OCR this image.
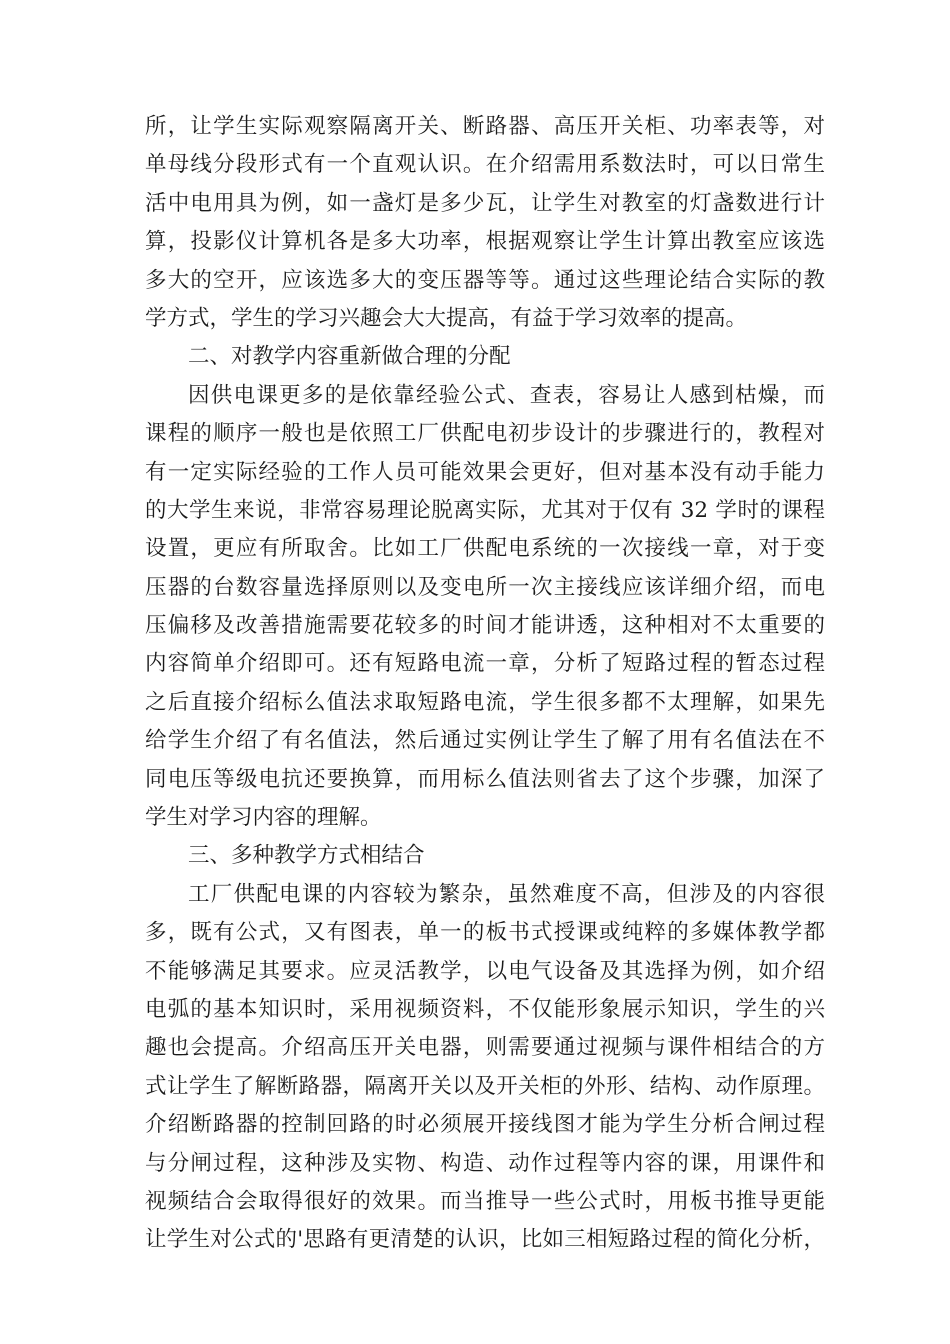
所，让学生实际观察隔离开关、断路器、高压开关柜、功率表等，对
单母线分段形式有一个直观认识。在介绍需用系数法时，可以日常生
活中电用具为例，如一盏灯是多少瓦，让学生对教室的灯盏数进行计
算，投影仪计算机各是多大功率，根据观察让学生计算出教室应该选
多大的空开，应该选多大的变压器等等。通过这些理论结合实际的教
学方式，学生的学习兴趣会大大提高，有益于学习效率的提高。
二、对教学内容重新做合理的分配
因供电课更多的是依靠经验公式、查表，容易让人感到枯燥，而
课程的顺序一般也是依照工厂供配电初步设计的步骤进行的，教程对
有一定实际经验的工作人员可能效果会更好，但对基本没有动手能力
的大学生来说，非常容易理论脱离实际，尤其对于仅有 32 学时的课程
设置，更应有所取舍。比如工厂供配电系统的一次接线一章，对于变
压器的台数容量选择原则以及变电所一次主接线应该详细介绍，而电
压偏移及改善措施需要花较多的时间才能讲透，这种相对不太重要的
内容简单介绍即可。还有短路电流一章，分析了短路过程的暂态过程
之后直接介绍标么值法求取短路电流，学生很多都不太理解，如果先
给学生介绍了有名值法，然后通过实例让学生了解了用有名值法在不
同电压等级电抗还要换算，而用标么值法则省去了这个步骤，加深了
学生对学习内容的理解。
三、多种教学方式相结合
工厂供配电课的内容较为繁杂，虽然难度不高，但涉及的内容很
多，既有公式，又有图表，单一的板书式授课或纯粹的多媒体教学都
不能够满足其要求。应灵活教学，以电气设备及其选择为例，如介绍
电弧的基本知识时，采用视频资料，不仅能形象展示知识，学生的兴
趣也会提高。介绍高压开关电器，则需要通过视频与课件相结合的方
式让学生了解断路器，隔离开关以及开关柜的外形、结构、动作原理。
介绍断路器的控制回路的时必须展开接线图才能为学生分析合闸过程
与分闸过程，这种涉及实物、构造、动作过程等内容的课，用课件和
视频结合会取得很好的效果。而当推导一些公式时，用板书推导更能
让学生对公式的'思路有更清楚的认识，比如三相短路过程的简化分析，
